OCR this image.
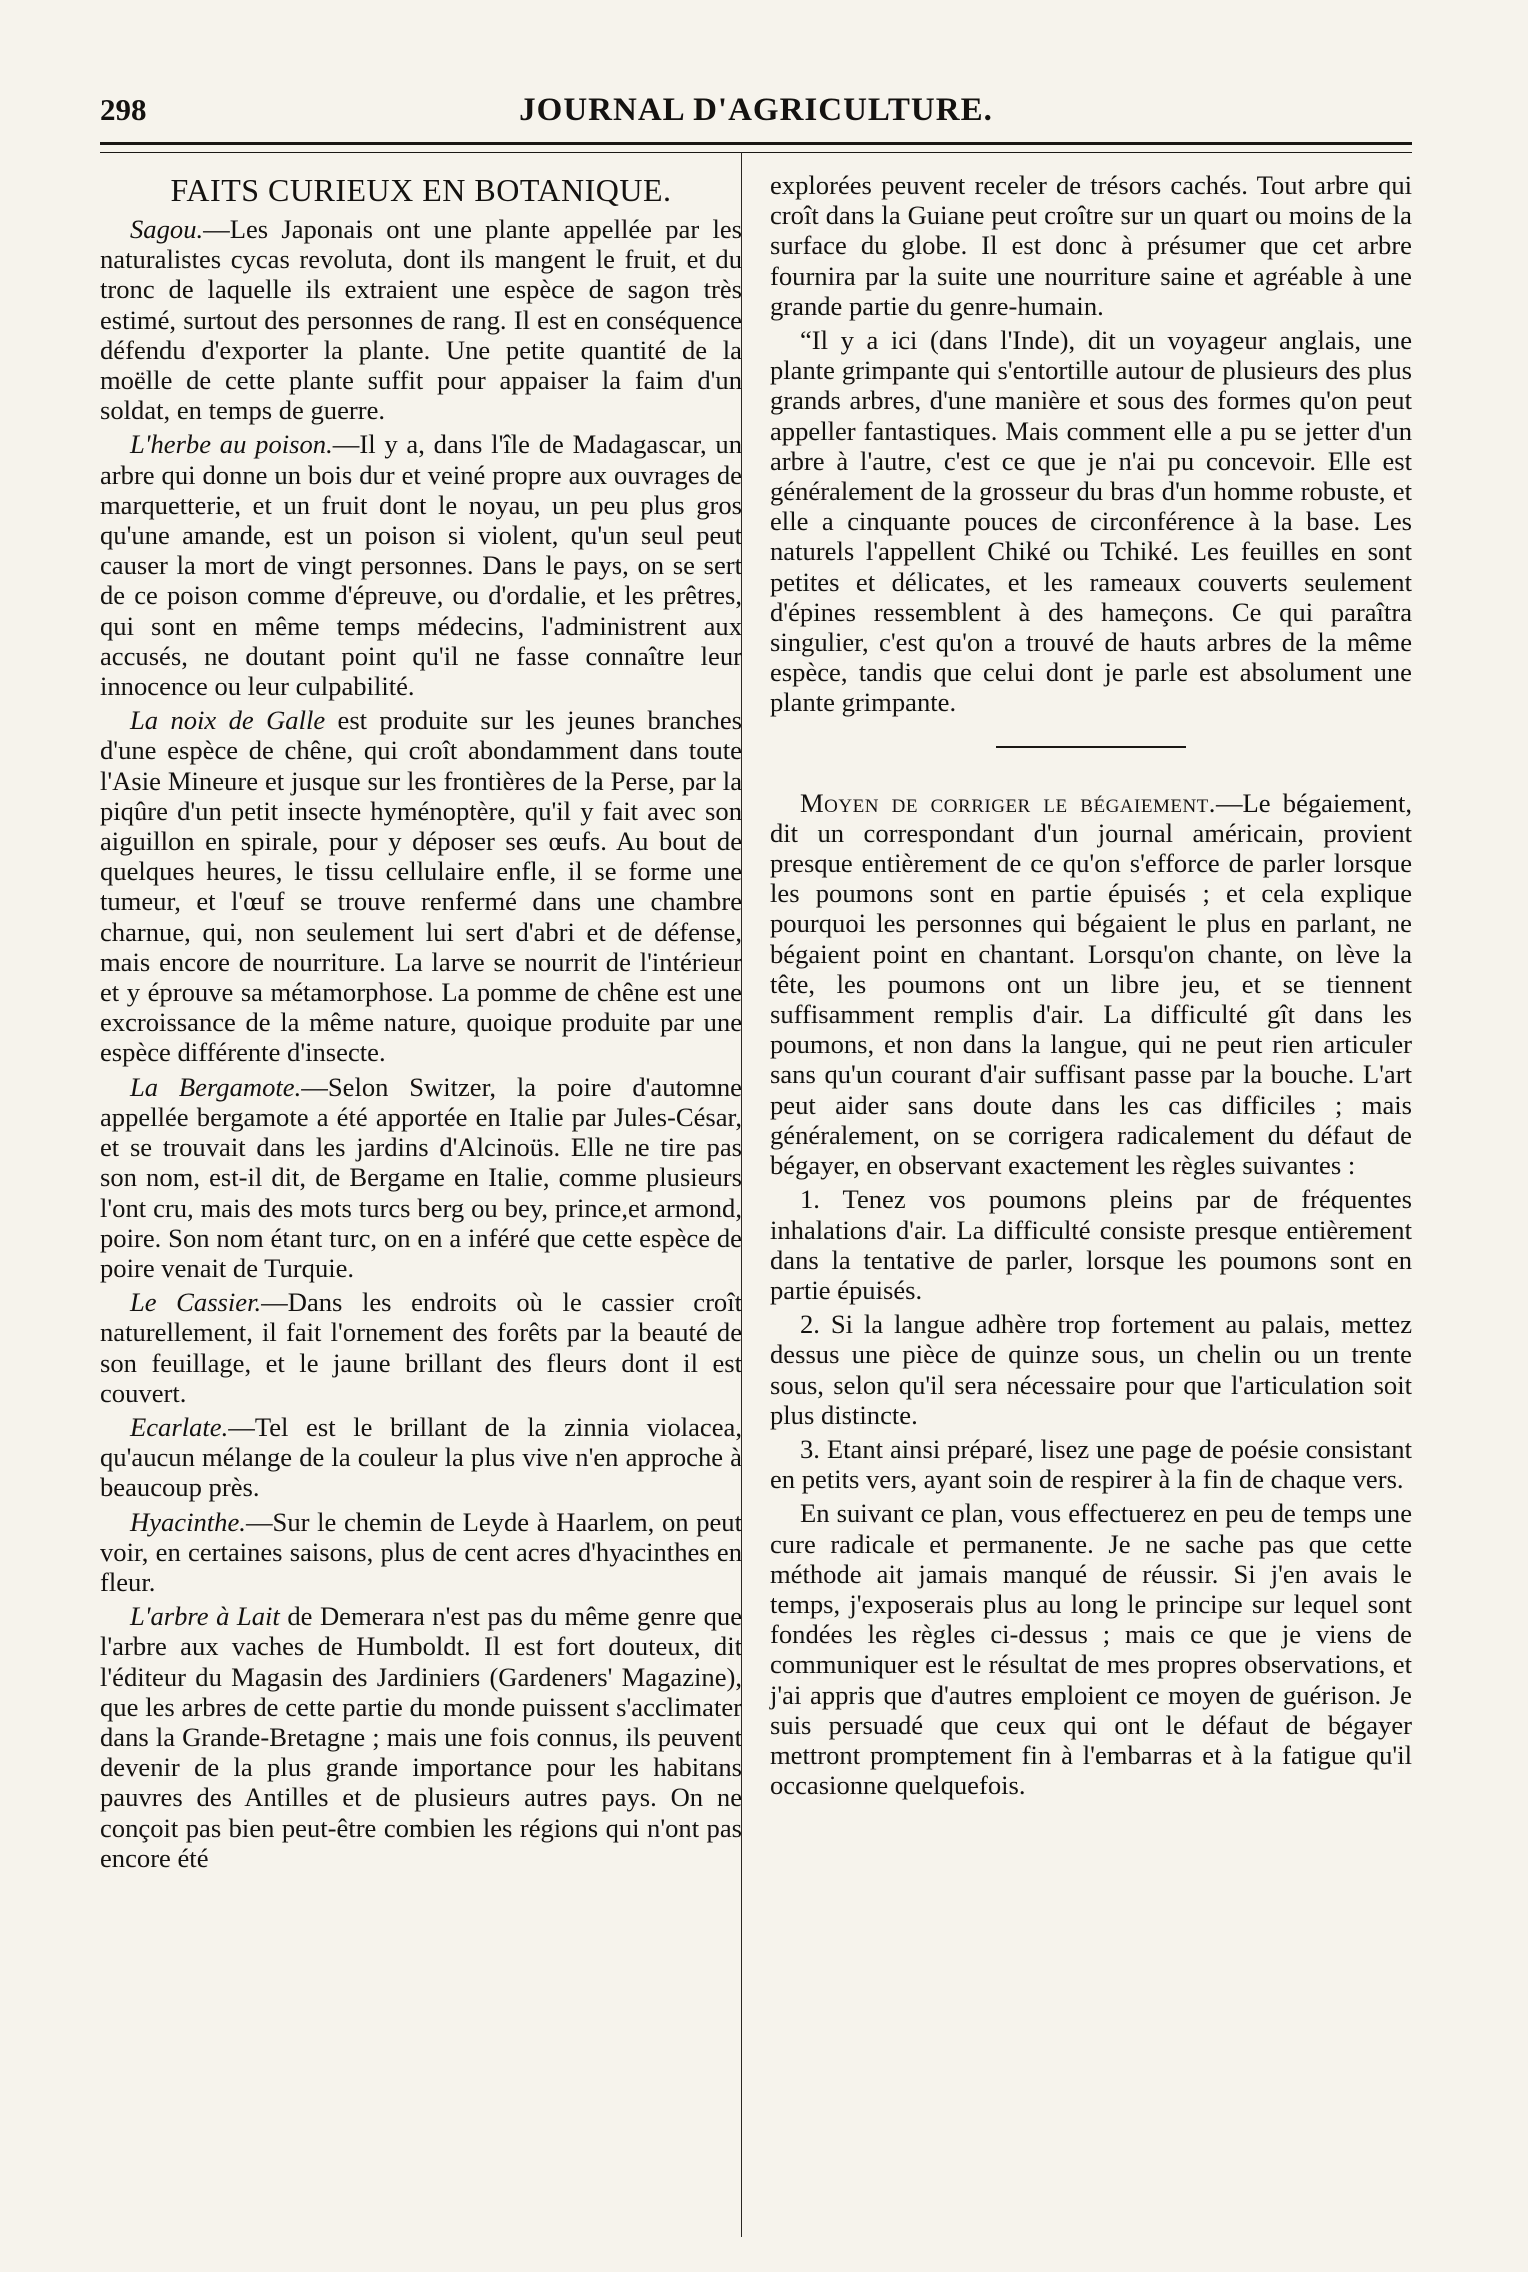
298	JOURNAL D'AGRICULTURE.
FAITS CURIEUX EN BOTANIQUE.

Sagou.—Les Japonais ont une plante appellée par les naturalistes cycas revoluta, dont ils mangent le fruit, et du tronc de laquelle ils extraient une espèce de sagon très estimé, surtout des personnes de rang. Il est en conséquence défendu d'exporter la plante. Une petite quantité de la moëlle de cette plante suffit pour appaiser la faim d'un soldat, en temps de guerre.

L'herbe au poison.—Il y a, dans l'île de Madagascar, un arbre qui donne un bois dur et veiné propre aux ouvrages de marquetterie, et un fruit dont le noyau, un peu plus gros qu'une amande, est un poison si violent, qu'un seul peut causer la mort de vingt personnes. Dans le pays, on se sert de ce poison comme d'épreuve, ou d'ordalie, et les prêtres, qui sont en même temps médecins, l'administrent aux accusés, ne doutant point qu'il ne fasse connaître leur innocence ou leur culpabilité.

La noix de Galle est produite sur les jeunes branches d'une espèce de chêne, qui croît abondamment dans toute l'Asie Mineure et jusque sur les frontières de la Perse, par la piqûre d'un petit insecte hyménoptère, qu'il y fait avec son aiguillon en spirale, pour y déposer ses œufs. Au bout de quelques heures, le tissu cellulaire enfle, il se forme une tumeur, et l'œuf se trouve renfermé dans une chambre charnue, qui, non seulement lui sert d'abri et de défense, mais encore de nourriture. La larve se nourrit de l'intérieur et y éprouve sa métamorphose. La pomme de chêne est une excroissance de la même nature, quoique produite par une espèce différente d'insecte.

La Bergamote.—Selon Switzer, la poire d'automne appellée bergamote a été apportée en Italie par Jules-César, et se trouvait dans les jardins d'Alcinoüs. Elle ne tire pas son nom, est-il dit, de Bergame en Italie, comme plusieurs l'ont cru, mais des mots turcs berg ou bey, prince,et armond, poire. Son nom étant turc, on en a inféré que cette espèce de poire venait de Turquie.

Le Cassier.—Dans les endroits où le cassier croît naturellement, il fait l'ornement des forêts par la beauté de son feuillage, et le jaune brillant des fleurs dont il est couvert.

Ecarlate.—Tel est le brillant de la zinnia violacea, qu'aucun mélange de la couleur la plus vive n'en approche à beaucoup près.

Hyacinthe.—Sur le chemin de Leyde à Haarlem, on peut voir, en certaines saisons, plus de cent acres d'hyacinthes en fleur.

L'arbre à Lait de Demerara n'est pas du même genre que l'arbre aux vaches de Humboldt. Il est fort douteux, dit l'éditeur du Magasin des Jardiniers (Gardeners' Magazine), que les arbres de cette partie du monde puissent s'acclimater dans la Grande-Bretagne ; mais une fois connus, ils peuvent devenir de la plus grande importance pour les habitans pauvres des Antilles et de plusieurs autres pays. On ne conçoit pas bien peut-être combien les régions qui n'ont pas encore été

explorées peuvent receler de trésors cachés. Tout arbre qui croît dans la Guiane peut croître sur un quart ou moins de la surface du globe. Il est donc à présumer que cet arbre fournira par la suite une nourriture saine et agréable à une grande partie du genre-humain.

“Il y a ici (dans l'Inde), dit un voyageur anglais, une plante grimpante qui s'entortille autour de plusieurs des plus grands arbres, d'une manière et sous des formes qu'on peut appeller fantastiques. Mais comment elle a pu se jetter d'un arbre à l'autre, c'est ce que je n'ai pu concevoir. Elle est généralement de la grosseur du bras d'un homme robuste, et elle a cinquante pouces de circonférence à la base. Les naturels l'appellent Chiké ou Tchiké. Les feuilles en sont petites et délicates, et les rameaux couverts seulement d'épines ressemblent à des hameçons. Ce qui paraîtra singulier, c'est qu'on a trouvé de hauts arbres de la même espèce, tandis que celui dont je parle est absolument une plante grimpante.

Moyen de corriger le bégaiement.—Le bégaiement, dit un correspondant d'un journal américain, provient presque entièrement de ce qu'on s'efforce de parler lorsque les poumons sont en partie épuisés ; et cela explique pourquoi les personnes qui bégaient le plus en parlant, ne bégaient point en chantant. Lorsqu'on chante, on lève la tête, les poumons ont un libre jeu, et se tiennent suffisamment remplis d'air. La difficulté gît dans les poumons, et non dans la langue, qui ne peut rien articuler sans qu'un courant d'air suffisant passe par la bouche. L'art peut aider sans doute dans les cas difficiles ; mais généralement, on se corrigera radicalement du défaut de bégayer, en observant exactement les règles suivantes :

1. Tenez vos poumons pleins par de fréquentes inhalations d'air. La difficulté consiste presque entièrement dans la tentative de parler, lorsque les poumons sont en partie épuisés.

2. Si la langue adhère trop fortement au palais, mettez dessus une pièce de quinze sous, un chelin ou un trente sous, selon qu'il sera nécessaire pour que l'articulation soit plus distincte.

3. Etant ainsi préparé, lisez une page de poésie consistant en petits vers, ayant soin de respirer à la fin de chaque vers.

En suivant ce plan, vous effectuerez en peu de temps une cure radicale et permanente. Je ne sache pas que cette méthode ait jamais manqué de réussir. Si j'en avais le temps, j'exposerais plus au long le principe sur lequel sont fondées les règles ci-dessus ; mais ce que je viens de communiquer est le résultat de mes propres observations, et j'ai appris que d'autres emploient ce moyen de guérison. Je suis persuadé que ceux qui ont le défaut de bégayer mettront promptement fin à l'embarras et à la fatigue qu'il occasionne quelquefois.
